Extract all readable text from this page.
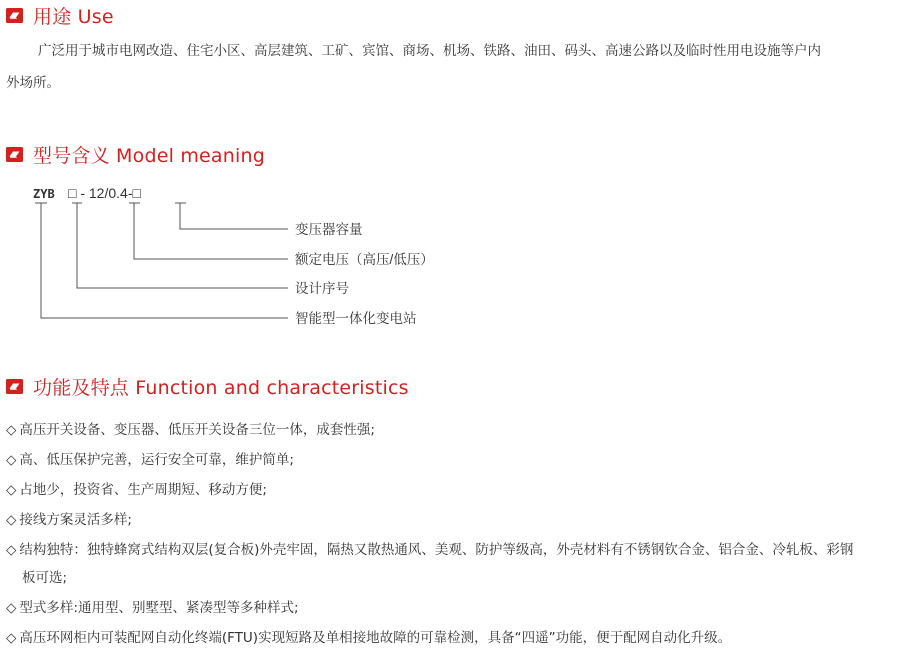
用途 Use
广泛用于城市电网改造、住宅小区、高层建筑、工矿、宾馆、商场、机场、铁路、油田、码头、高速公路以及临时性用电设施等户内
外场所。
型号含义 Model meaning
ZYB □ - 12/0.4-□
变压器容量
额定电压（高压/低压）
设计序号
智能型一体化变电站
功能及特点 Function and characteristics
◇ 高压开关设备、变压器、低压开关设备三位一体，成套性强;
◇ 高、低压保护完善，运行安全可靠，维护简单;
◇ 占地少，投资省、生产周期短、移动方便;
◇ 接线方案灵活多样;
◇ 结构独特：独特蜂窝式结构双层(复合板)外壳牢固，隔热又散热通风、美观、防护等级高，外壳材料有不锈钢钦合金、铝合金、冷轧板、彩钢
板可选;
◇ 型式多样:通用型、别墅型、紧凑型等多种样式;
◇ 高压环网柜内可装配网自动化终端(FTU)实现短路及单相接地故障的可靠检测，具备“四遥”功能，便于配网自动化升级。
